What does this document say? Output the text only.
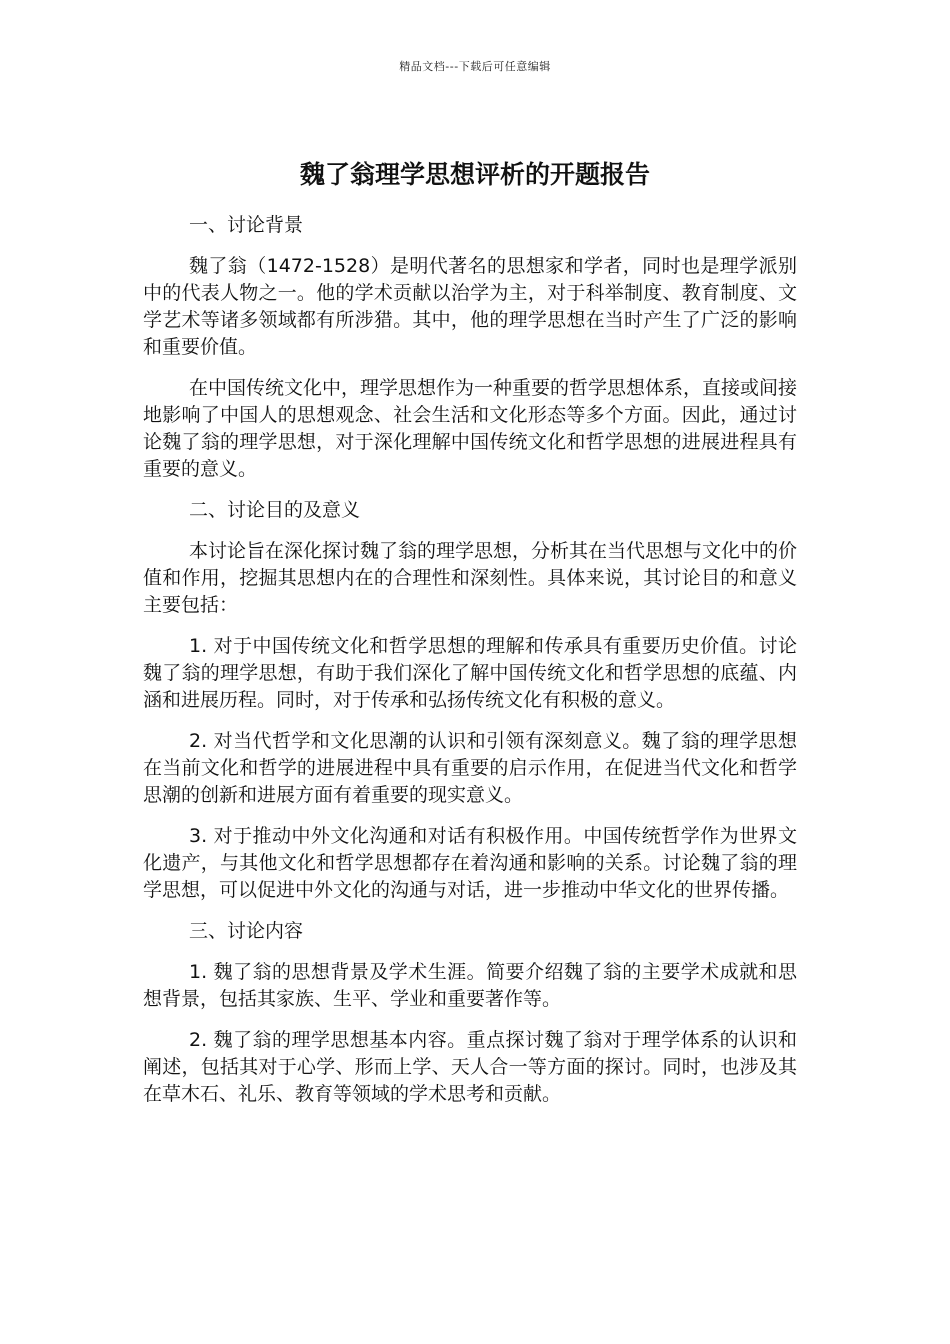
精品文档---下载后可任意编辑
魏了翁理学思想评析的开题报告

一、讨论背景

魏了翁（1472-1528）是明代著名的思想家和学者，同时也是理学派别中的代表人物之一。他的学术贡献以治学为主，对于科举制度、教育制度、文学艺术等诸多领域都有所涉猎。其中，他的理学思想在当时产生了广泛的影响和重要价值。

在中国传统文化中，理学思想作为一种重要的哲学思想体系，直接或间接地影响了中国人的思想观念、社会生活和文化形态等多个方面。因此，通过讨论魏了翁的理学思想，对于深化理解中国传统文化和哲学思想的进展进程具有重要的意义。

二、讨论目的及意义

本讨论旨在深化探讨魏了翁的理学思想，分析其在当代思想与文化中的价值和作用，挖掘其思想内在的合理性和深刻性。具体来说，其讨论目的和意义主要包括：

1. 对于中国传统文化和哲学思想的理解和传承具有重要历史价值。讨论魏了翁的理学思想，有助于我们深化了解中国传统文化和哲学思想的底蕴、内涵和进展历程。同时，对于传承和弘扬传统文化有积极的意义。

2. 对当代哲学和文化思潮的认识和引领有深刻意义。魏了翁的理学思想在当前文化和哲学的进展进程中具有重要的启示作用，在促进当代文化和哲学思潮的创新和进展方面有着重要的现实意义。

3. 对于推动中外文化沟通和对话有积极作用。中国传统哲学作为世界文化遗产，与其他文化和哲学思想都存在着沟通和影响的关系。讨论魏了翁的理学思想，可以促进中外文化的沟通与对话，进一步推动中华文化的世界传播。

三、讨论内容

1. 魏了翁的思想背景及学术生涯。简要介绍魏了翁的主要学术成就和思想背景，包括其家族、生平、学业和重要著作等。

2. 魏了翁的理学思想基本内容。重点探讨魏了翁对于理学体系的认识和阐述，包括其对于心学、形而上学、天人合一等方面的探讨。同时，也涉及其在草木石、礼乐、教育等领域的学术思考和贡献。
